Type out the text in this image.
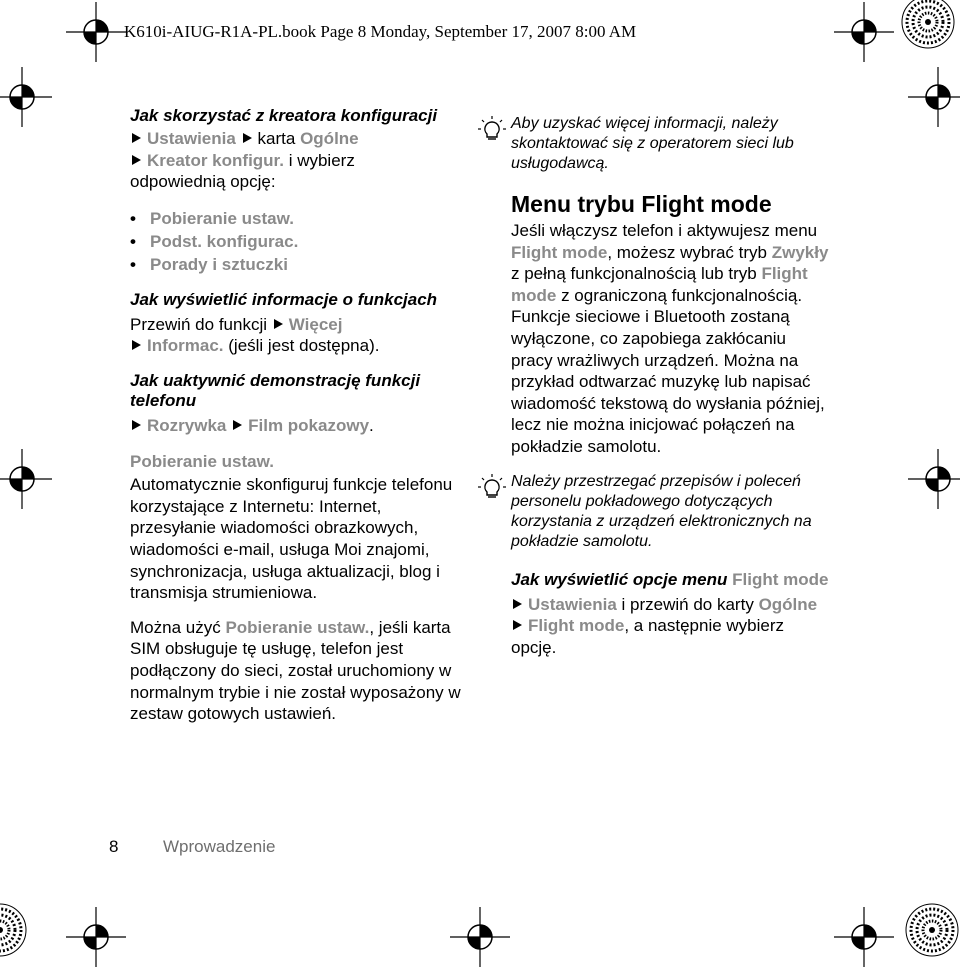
K610i-AIUG-R1A-PL.book Page 8 Monday, September 17, 2007 8:00 AM
Jak skorzystać z kreatora konfiguracji
Ustawienia karta Ogólne
Kreator konfigur. i wybierz
odpowiednią opcję:
• Pobieranie ustaw.
• Podst. konfigurac.
• Porady i sztuczki
Jak wyświetlić informacje o funkcjach
Przewiń do funkcji Więcej
Informac. (jeśli jest dostępna).
Jak uaktywnić demonstrację funkcji telefonu
Rozrywka Film pokazowy.
Pobieranie ustaw.
Automatycznie skonfiguruj funkcje telefonu korzystające z Internetu: Internet, przesyłanie wiadomości obrazkowych, wiadomości e-mail, usługa Moi znajomi, synchronizacja, usługa aktualizacji, blog i transmisja strumieniowa.
Można użyć Pobieranie ustaw., jeśli karta SIM obsługuje tę usługę, telefon jest podłączony do sieci, został uruchomiony w normalnym trybie i nie został wyposażony w zestaw gotowych ustawień.
Aby uzyskać więcej informacji, należy skontaktować się z operatorem sieci lub usługodawcą.
Menu trybu Flight mode
Jeśli włączysz telefon i aktywujesz menu Flight mode, możesz wybrać tryb Zwykły z pełną funkcjonalnością lub tryb Flight mode z ograniczoną funkcjonalnością. Funkcje sieciowe i Bluetooth zostaną wyłączone, co zapobiega zakłócaniu pracy wrażliwych urządzeń. Można na przykład odtwarzać muzykę lub napisać wiadomość tekstową do wysłania później, lecz nie można inicjować połączeń na pokładzie samolotu.
Należy przestrzegać przepisów i poleceń personelu pokładowego dotyczących korzystania z urządzeń elektronicznych na pokładzie samolotu.
Jak wyświetlić opcje menu Flight mode
Ustawienia i przewiń do karty Ogólne Flight mode, a następnie wybierz opcję.
8	Wprowadzenie
